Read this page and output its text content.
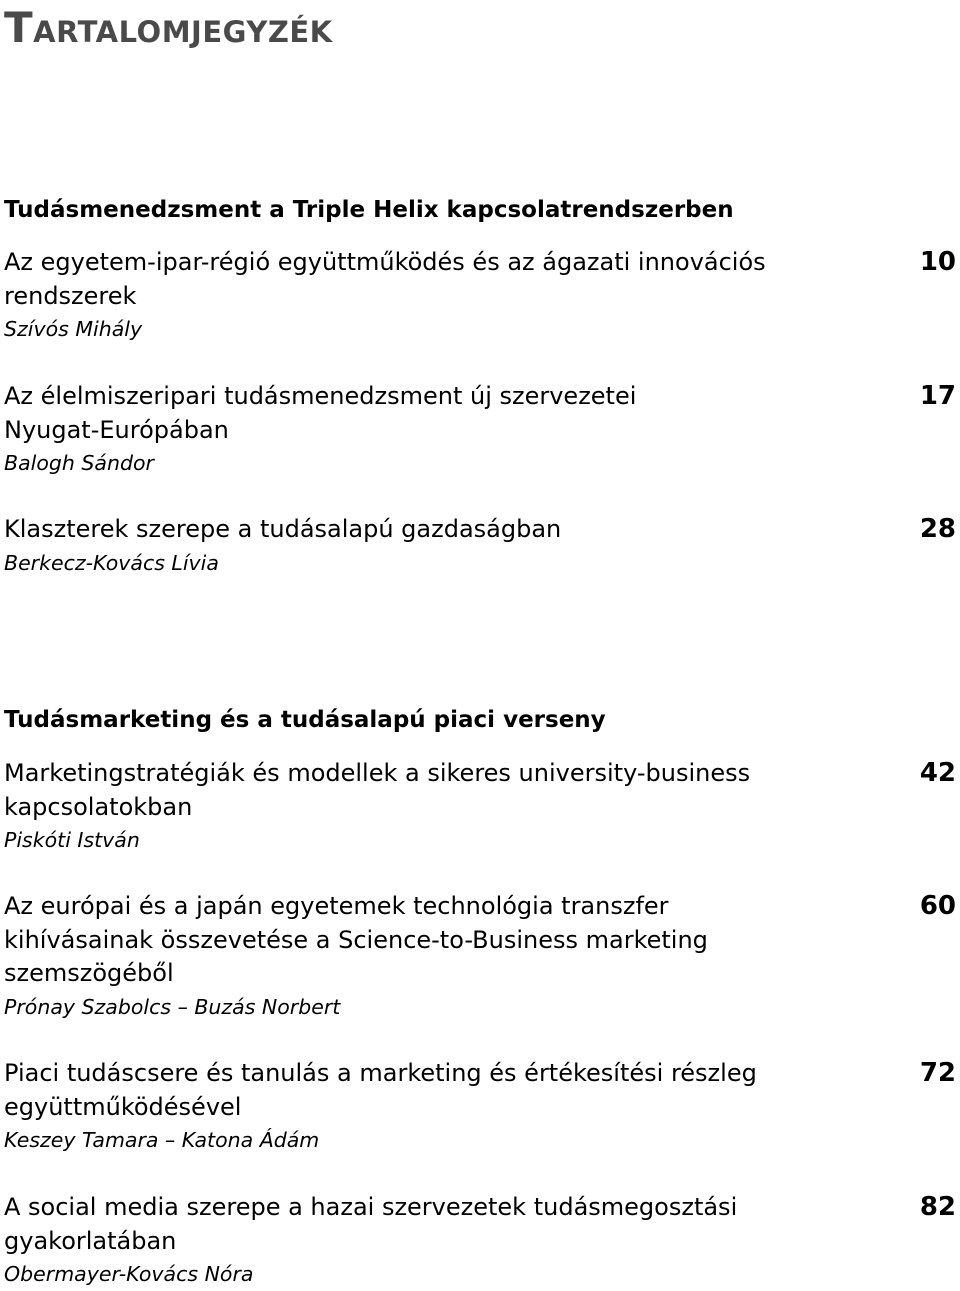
Tartalomjegyzék
Tudásmenedzsment a Triple Helix kapcsolatrendszerben
Az egyetem-ipar-régió együttműködés és az ágazati innovációs rendszerek
Szívós Mihály
10
Az élelmiszeripari tudásmenedzsment új szervezetei Nyugat-Európában
Balogh Sándor
17
Klaszterek szerepe a tudásalapú gazdaságban
Berkecz-Kovács Lívia
28
Tudásmarketing és a tudásalapú piaci verseny
Marketingstratégiák és modellek a sikeres university-business kapcsolatokban
Piskóti István
42
Az európai és a japán egyetemek technológia transzfer kihívásainak összevetése a Science-to-Business marketing szemszögéből
Prónay Szabolcs – Buzás Norbert
60
Piaci tudáscsere és tanulás a marketing és értékesítési részleg együttműködésével
Keszey Tamara – Katona Ádám
72
A social media szerepe a hazai szervezetek tudásmegosztási gyakorlatában
Obermayer-Kovács Nóra
82
